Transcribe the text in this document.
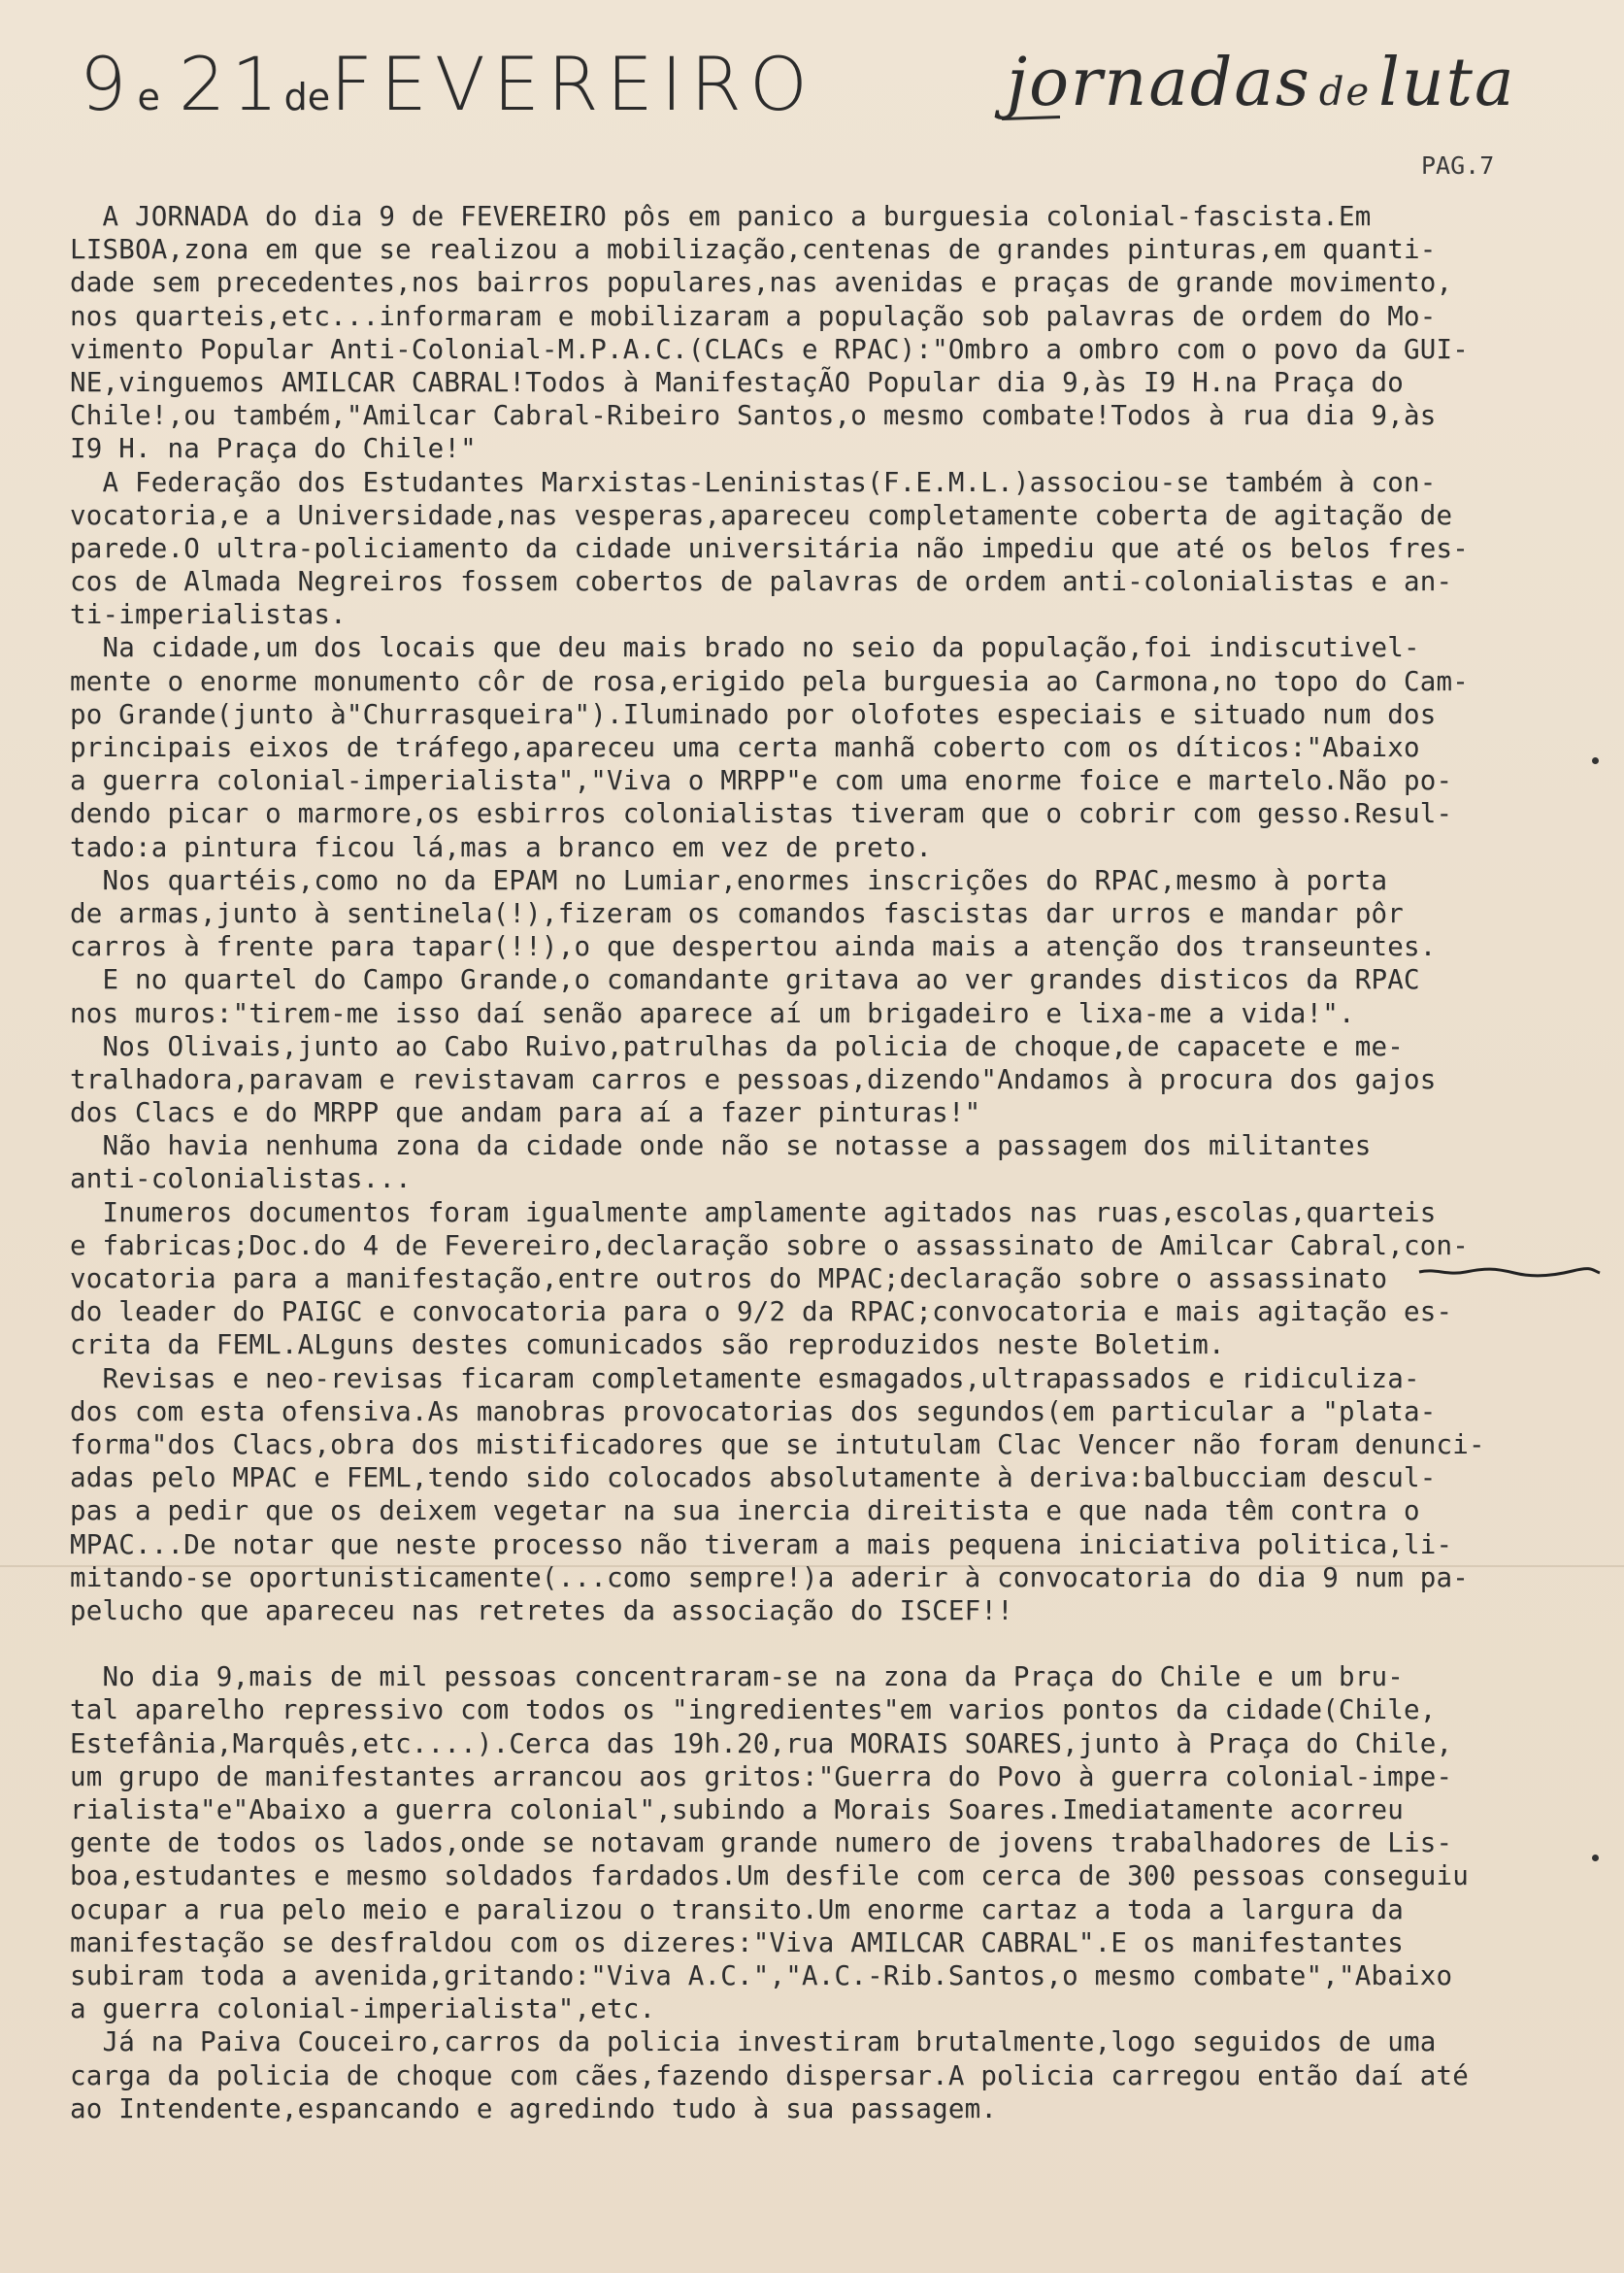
9 e 21deFEVEREIRO	jornadas de luta
PAG.7
A JORNADA do dia 9 de FEVEREIRO pôs em panico a burguesia colonial-fascista.Em
LISBOA,zona em que se realizou a mobilização,centenas de grandes pinturas,em quanti-
dade sem precedentes,nos bairros populares,nas avenidas e praças de grande movimento,
nos quarteis,etc...informaram e mobilizaram a população sob palavras de ordem do Mo-
vimento Popular Anti-Colonial-M.P.A.C.(CLACs e RPAC):"Ombro a ombro com o povo da GUI-
NE,vinguemos AMILCAR CABRAL!Todos à ManifestaçÃO Popular dia 9,às I9 H.na Praça do
Chile!,ou também,"Amilcar Cabral-Ribeiro Santos,o mesmo combate!Todos à rua dia 9,às
I9 H. na Praça do Chile!"
A Federação dos Estudantes Marxistas-Leninistas(F.E.M.L.)associou-se também à con-
vocatoria,e a Universidade,nas vesperas,apareceu completamente coberta de agitação de
parede.O ultra-policiamento da cidade universitária não impediu que até os belos fres-
cos de Almada Negreiros fossem cobertos de palavras de ordem anti-colonialistas e an-
ti-imperialistas.
Na cidade,um dos locais que deu mais brado no seio da população,foi indiscutivel-
mente o enorme monumento côr de rosa,erigido pela burguesia ao Carmona,no topo do Cam-
po Grande(junto à"Churrasqueira").Iluminado por olofotes especiais e situado num dos
principais eixos de tráfego,apareceu uma certa manhã coberto com os díticos:"Abaixo
a guerra colonial-imperialista","Viva o MRPP"e com uma enorme foice e martelo.Não po-
dendo picar o marmore,os esbirros colonialistas tiveram que o cobrir com gesso.Resul-
tado:a pintura ficou lá,mas a branco em vez de preto.
Nos quartéis,como no da EPAM no Lumiar,enormes inscrições do RPAC,mesmo à porta
de armas,junto à sentinela(!),fizeram os comandos fascistas dar urros e mandar pôr
carros à frente para tapar(!!),o que despertou ainda mais a atenção dos transeuntes.
E no quartel do Campo Grande,o comandante gritava ao ver grandes disticos da RPAC
nos muros:"tirem-me isso daí senão aparece aí um brigadeiro e lixa-me a vida!".
Nos Olivais,junto ao Cabo Ruivo,patrulhas da policia de choque,de capacete e me-
tralhadora,paravam e revistavam carros e pessoas,dizendo"Andamos à procura dos gajos
dos Clacs e do MRPP que andam para aí a fazer pinturas!"
Não havia nenhuma zona da cidade onde não se notasse a passagem dos militantes
anti-colonialistas...
Inumeros documentos foram igualmente amplamente agitados nas ruas,escolas,quarteis
e fabricas;Doc.do 4 de Fevereiro,declaração sobre o assassinato de Amilcar Cabral,con-
vocatoria para a manifestação,entre outros do MPAC;declaração sobre o assassinato
do leader do PAIGC e convocatoria para o 9/2 da RPAC;convocatoria e mais agitação es-
crita da FEML.ALguns destes comunicados são reproduzidos neste Boletim.
Revisas e neo-revisas ficaram completamente esmagados,ultrapassados e ridiculiza-
dos com esta ofensiva.As manobras provocatorias dos segundos(em particular a "plata-
forma"dos Clacs,obra dos mistificadores que se intutulam Clac Vencer não foram denunci-
adas pelo MPAC e FEML,tendo sido colocados absolutamente à deriva:balbucciam descul-
pas a pedir que os deixem vegetar na sua inercia direitista e que nada têm contra o
MPAC...De notar que neste processo não tiveram a mais pequena iniciativa politica,li-
mitando-se oportunisticamente(...como sempre!)a aderir à convocatoria do dia 9 num pa-
pelucho que apareceu nas retretes da associação do ISCEF!!
No dia 9,mais de mil pessoas concentraram-se na zona da Praça do Chile e um bru-
tal aparelho repressivo com todos os "ingredientes"em varios pontos da cidade(Chile,
Estefânia,Marquês,etc....).Cerca das 19h.20,rua MORAIS SOARES,junto à Praça do Chile,
um grupo de manifestantes arrancou aos gritos:"Guerra do Povo à guerra colonial-impe-
rialista"e"Abaixo a guerra colonial",subindo a Morais Soares.Imediatamente acorreu
gente de todos os lados,onde se notavam grande numero de jovens trabalhadores de Lis-
boa,estudantes e mesmo soldados fardados.Um desfile com cerca de 300 pessoas conseguiu
ocupar a rua pelo meio e paralizou o transito.Um enorme cartaz a toda a largura da
manifestação se desfraldou com os dizeres:"Viva AMILCAR CABRAL".E os manifestantes
subiram toda a avenida,gritando:"Viva A.C.","A.C.-Rib.Santos,o mesmo combate","Abaixo
a guerra colonial-imperialista",etc.
Já na Paiva Couceiro,carros da policia investiram brutalmente,logo seguidos de uma
carga da policia de choque com cães,fazendo dispersar.A policia carregou então daí até
ao Intendente,espancando e agredindo tudo à sua passagem.
